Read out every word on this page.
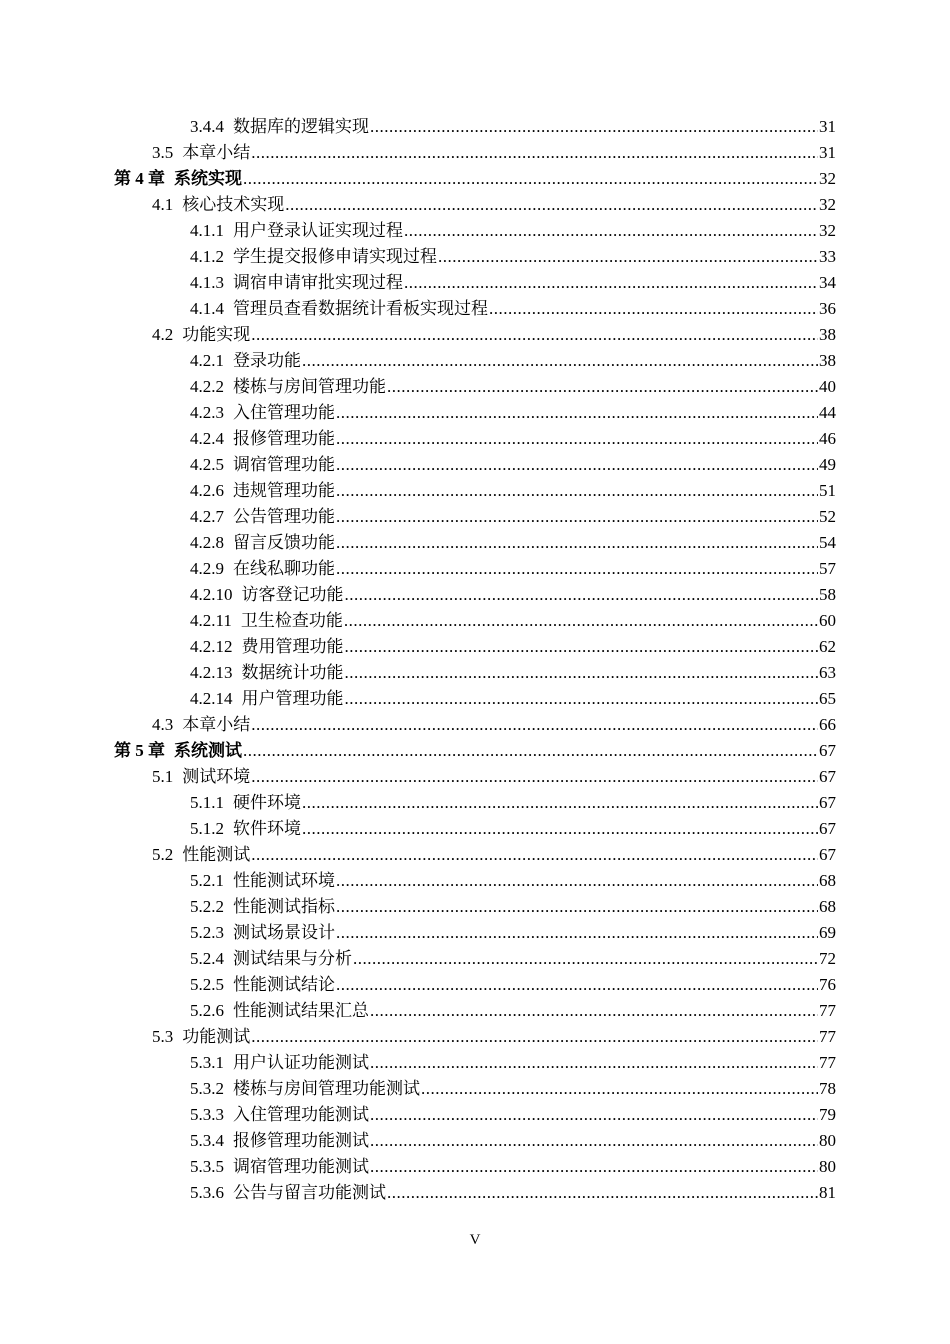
3.4.4 数据库的逻辑实现 .....	31
3.5 本章小结 .....	31
第 4 章 系统实现 .....	32
4.1 核心技术实现 .....	32
4.1.1 用户登录认证实现过程 .....	32
4.1.2 学生提交报修申请实现过程 .....	33
4.1.3 调宿申请审批实现过程 .....	34
4.1.4 管理员查看数据统计看板实现过程 .....	36
4.2 功能实现 .....	38
4.2.1 登录功能 .....	38
4.2.2 楼栋与房间管理功能 .....	40
4.2.3 入住管理功能 .....	44
4.2.4 报修管理功能 .....	46
4.2.5 调宿管理功能 .....	49
4.2.6 违规管理功能 .....	51
4.2.7 公告管理功能 .....	52
4.2.8 留言反馈功能 .....	54
4.2.9 在线私聊功能 .....	57
4.2.10 访客登记功能 .....	58
4.2.11 卫生检查功能 .....	60
4.2.12 费用管理功能 .....	62
4.2.13 数据统计功能 .....	63
4.2.14 用户管理功能 .....	65
4.3 本章小结 .....	66
第 5 章 系统测试 .....	67
5.1 测试环境 .....	67
5.1.1 硬件环境 .....	67
5.1.2 软件环境 .....	67
5.2 性能测试 .....	67
5.2.1 性能测试环境 .....	68
5.2.2 性能测试指标 .....	68
5.2.3 测试场景设计 .....	69
5.2.4 测试结果与分析 .....	72
5.2.5 性能测试结论 .....	76
5.2.6 性能测试结果汇总 .....	77
5.3 功能测试 .....	77
5.3.1 用户认证功能测试 .....	77
5.3.2 楼栋与房间管理功能测试 .....	78
5.3.3 入住管理功能测试 .....	79
5.3.4 报修管理功能测试 .....	80
5.3.5 调宿管理功能测试 .....	80
5.3.6 公告与留言功能测试 .....	81
V
